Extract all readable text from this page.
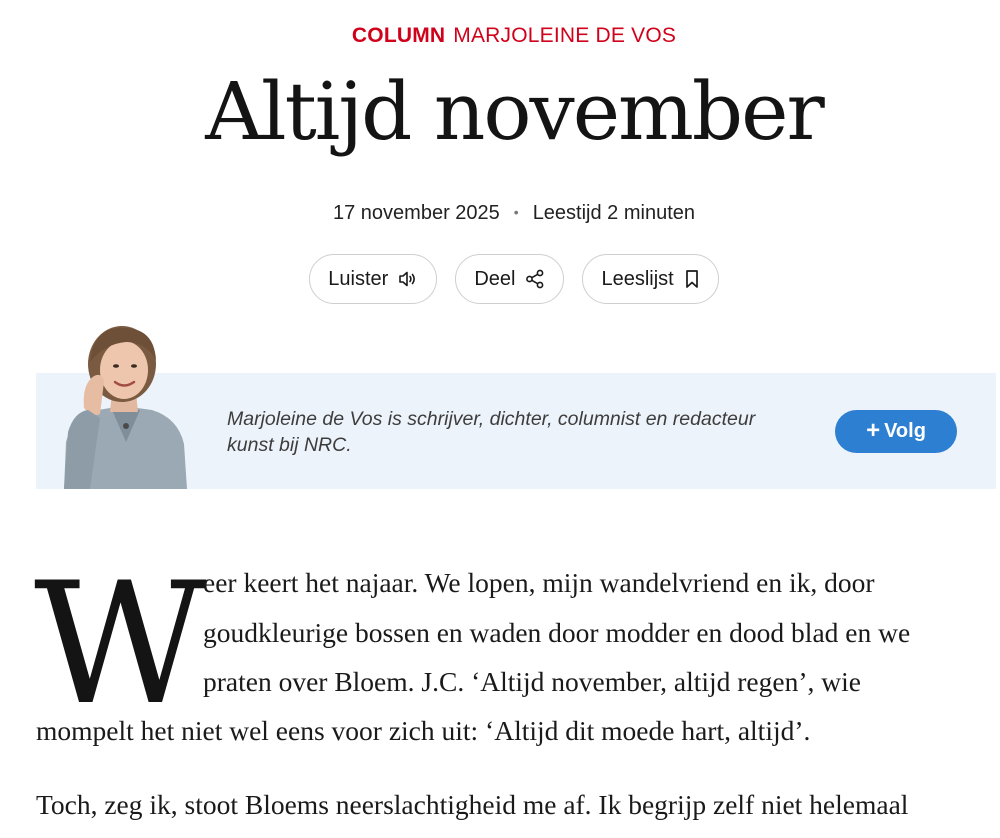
COLUMN MARJOLEINE DE VOS
Altijd november
17 november 2025 • Leestijd 2 minuten
Luister	Deel	Leeslijst
Marjoleine de Vos is schrijver, dichter, columnist en redacteur
kunst bij NRC.
+ Volg
W
eer keert het najaar. We lopen, mijn wandelvriend en ik, door
goudkleurige bossen en waden door modder en dood blad en we
praten over Bloem. J.C. ‘Altijd november, altijd regen’, wie
mompelt het niet wel eens voor zich uit: ‘Altijd dit moede hart, altijd’.
Toch, zeg ik, stoot Bloems neerslachtigheid me af. Ik begrijp zelf niet helemaal
